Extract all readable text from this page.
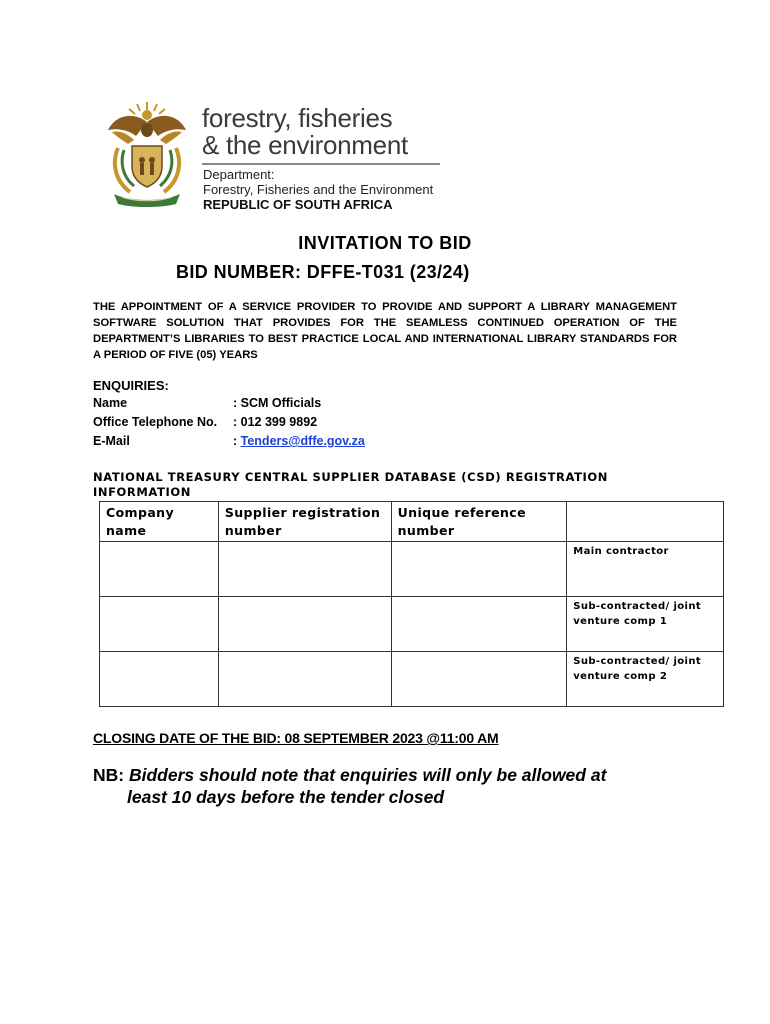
forestry, fisheries
& the environment
Department:
Forestry, Fisheries and the Environment
REPUBLIC OF SOUTH AFRICA
INVITATION TO BID
BID NUMBER: DFFE-T031 (23/24)
THE APPOINTMENT OF A SERVICE PROVIDER TO PROVIDE AND SUPPORT A LIBRARY MANAGEMENT SOFTWARE SOLUTION THAT PROVIDES FOR THE SEAMLESS CONTINUED OPERATION OF THE DEPARTMENT’S LIBRARIES TO BEST PRACTICE LOCAL AND INTERNATIONAL LIBRARY STANDARDS FOR A PERIOD OF FIVE (05) YEARS
ENQUIRIES:
Name	: SCM Officials
Office Telephone No.	: 012 399 9892
E-Mail	: Tenders@dffe.gov.za
NATIONAL TREASURY CENTRAL SUPPLIER DATABASE (CSD) REGISTRATION
INFORMATION
Company name	Supplier registration number	Unique reference number	
			Main contractor
			Sub-contracted/ joint venture comp 1
			Sub-contracted/ joint venture comp 2
CLOSING DATE OF THE BID: 08 SEPTEMBER 2023 @11:00 AM
NB: Bidders should note that enquiries will only be allowed at
least 10 days before the tender closed
